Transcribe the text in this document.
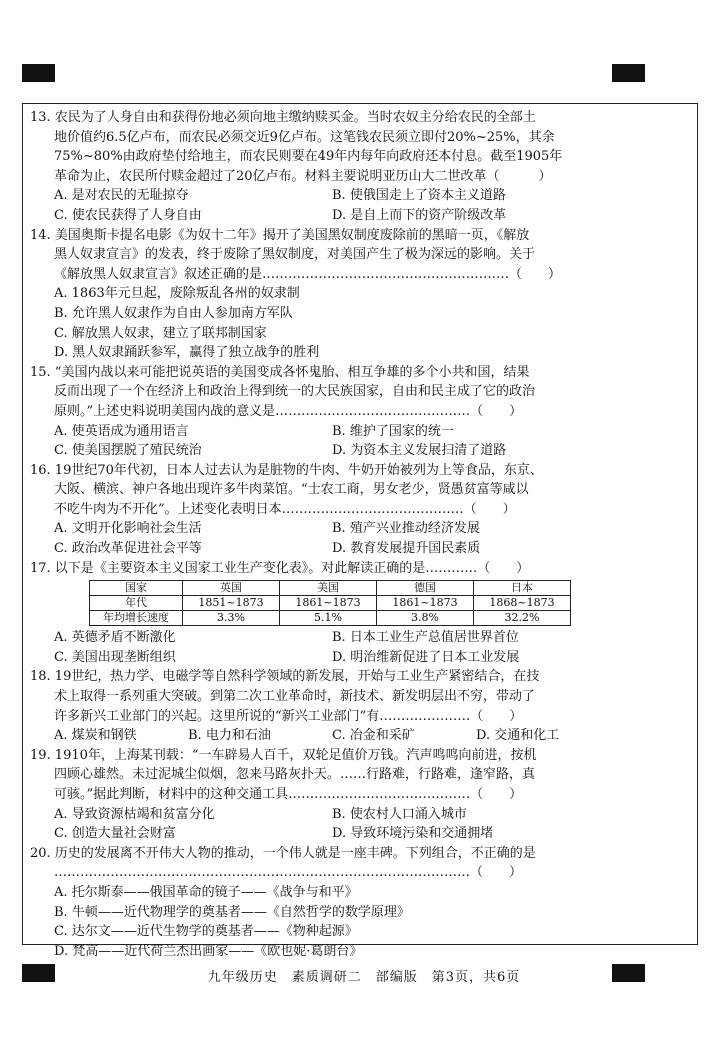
13. 农民为了人身自由和获得份地必须向地主缴纳赎买金。当时农奴主分给农民的全部土
地价值约6.5亿卢布，而农民必须交近9亿卢布。这笔钱农民须立即付20%~25%，其余
75%~80%由政府垫付给地主，而农民则要在49年内每年向政府还本付息。截至1905年
革命为止，农民所付赎金超过了20亿卢布。材料主要说明亚历山大二世改革（　　　）
A. 是对农民的无耻掠夺	B. 使俄国走上了资本主义道路
C. 使农民获得了人身自由	D. 是自上而下的资产阶级改革
14. 美国奥斯卡提名电影《为奴十二年》揭开了美国黑奴制度废除前的黑暗一页，《解放
黑人奴隶宣言》的发表，终于废除了黑奴制度，对美国产生了极为深远的影响。关于
《解放黑人奴隶宣言》叙述正确的是…………………………………………………（　　）
A. 1863年元旦起，废除叛乱各州的奴隶制
B. 允许黑人奴隶作为自由人参加南方军队
C. 解放黑人奴隶，建立了联邦制国家
D. 黑人奴隶踊跃参军，赢得了独立战争的胜利
15. “美国内战以来可能把说英语的美国变成各怀鬼胎、相互争雄的多个小共和国，结果
反而出现了一个在经济上和政治上得到统一的大民族国家，自由和民主成了它的政治
原则。”上述史料说明美国内战的意义是………………………………………（　　）
A. 使英语成为通用语言	B. 维护了国家的统一
C. 使美国摆脱了殖民统治	D. 为资本主义发展扫清了道路
16. 19世纪70年代初，日本人过去认为是脏物的牛肉、牛奶开始被列为上等食品，东京、
大阪、横滨、神户各地出现许多牛肉菜馆。“士农工商，男女老少，贤愚贫富等咸以
不吃牛肉为不开化”。上述变化表明日本……………………………………（　　）
A. 文明开化影响社会生活	B. 殖产兴业推动经济发展
C. 政治改革促进社会平等	D. 教育发展提升国民素质
17. 以下是《主要资本主义国家工业生产变化表》。对此解读正确的是…………（　　）
国家	英国	美国	德国	日本
年代	1851~1873	1861~1873	1861~1873	1868~1873
年均增长速度	3.3%	5.1%	3.8%	32.2%
A. 英德矛盾不断激化	B. 日本工业生产总值居世界首位
C. 美国出现垄断组织	D. 明治维新促进了日本工业发展
18. 19世纪，热力学、电磁学等自然科学领域的新发展，开始与工业生产紧密结合，在技
术上取得一系列重大突破。到第二次工业革命时，新技术、新发明层出不穷，带动了
许多新兴工业部门的兴起。这里所说的“新兴工业部门”有…………………（　　）
A. 煤炭和钢铁	B. 电力和石油	C. 冶金和采矿	D. 交通和化工
19. 1910年，上海某刊载：“一车辟易人百千，双轮足值价万钱。汽声鸣鸣向前进，按机
四顾心雄然。未过泥城尘似烟，忽来马路灰扑天。……行路难，行路难，逢窄路，真
可骇。”据此判断，材料中的这种交通工具……………………………………（　　）
A. 导致资源枯竭和贫富分化	B. 使农村人口涌入城市
C. 创造大量社会财富	D. 导致环境污染和交通拥堵
20. 历史的发展离不开伟大人物的推动，一个伟人就是一座丰碑。下列组合，不正确的是
……………………………………………………………………………………（　　）
A. 托尔斯泰——俄国革命的镜子——《战争与和平》
B. 牛顿——近代物理学的奠基者——《自然哲学的数学原理》
C. 达尔文——近代生物学的奠基者——《物种起源》
D. 梵高——近代荷兰杰出画家——《欧也妮·葛朗台》
九年级历史　素质调研二　部编版　第3页，共6页
